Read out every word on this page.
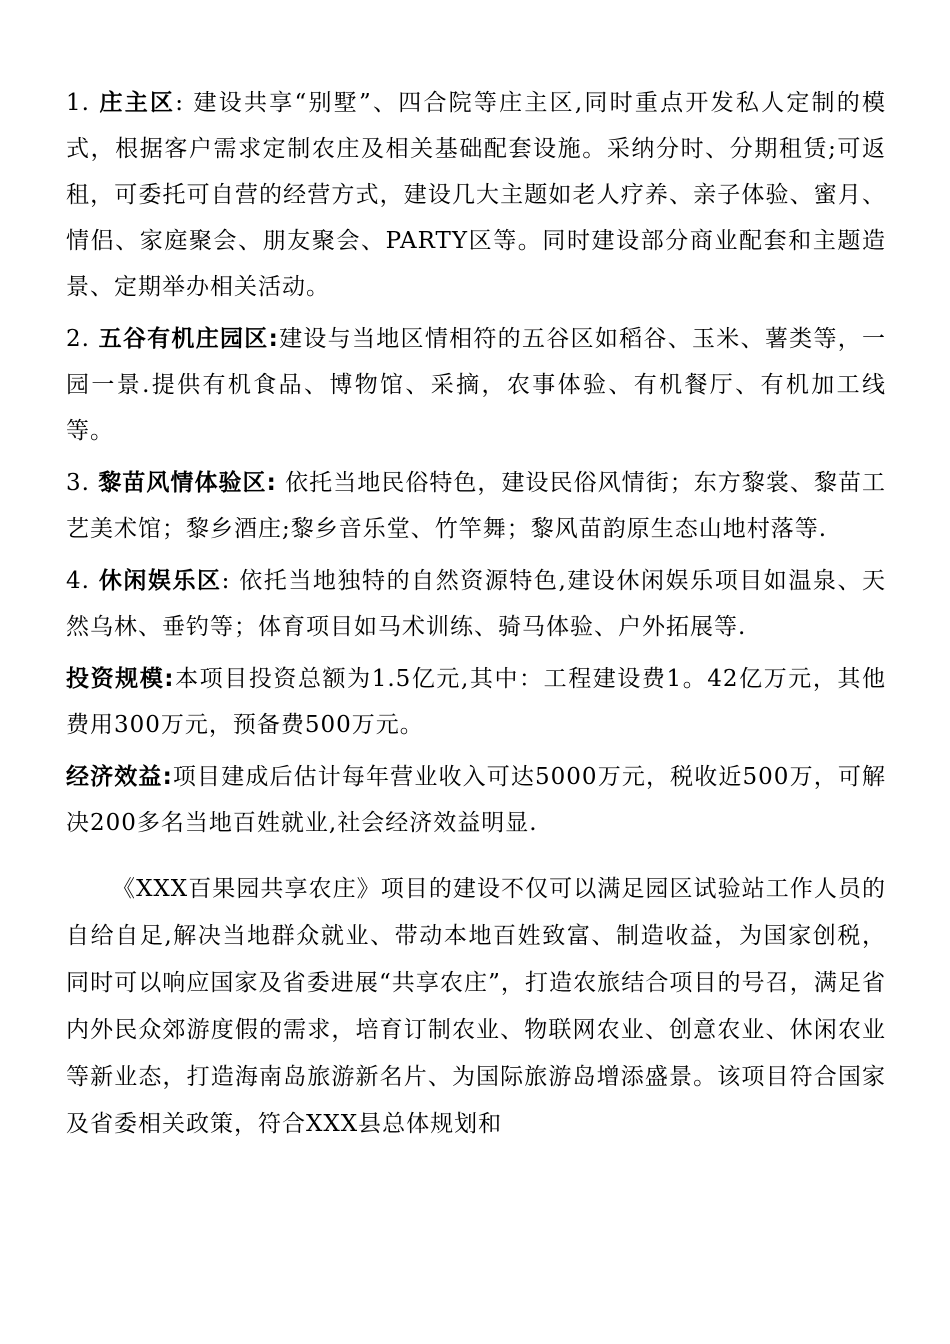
1. 庄主区: 建设共享“别墅”、四合院等庄主区,同时重点开发私人定制的模式，根据客户需求定制农庄及相关基础配套设施。采纳分时、分期租赁;可返租，可委托可自营的经营方式，建设几大主题如老人疗养、亲子体验、蜜月、情侣、家庭聚会、朋友聚会、PARTY区等。同时建设部分商业配套和主题造景、定期举办相关活动。

2. 五谷有机庄园区:建设与当地区情相符的五谷区如稻谷、玉米、薯类等，一园一景.提供有机食品、博物馆、采摘，农事体验、有机餐厅、有机加工线等。

3. 黎苗风情体验区: 依托当地民俗特色，建设民俗风情街；东方黎裳、黎苗工艺美术馆；黎乡酒庄;黎乡音乐堂、竹竿舞；黎风苗韵原生态山地村落等.

4. 休闲娱乐区: 依托当地独特的自然资源特色,建设休闲娱乐项目如温泉、天然乌林、垂钓等；体育项目如马术训练、骑马体验、户外拓展等.

投资规模:本项目投资总额为1.5亿元,其中：工程建设费1。42亿万元，其他费用300万元，预备费500万元。

经济效益:项目建成后估计每年营业收入可达5000万元，税收近500万，可解决200多名当地百姓就业,社会经济效益明显.

《XXX百果园共享农庄》项目的建设不仅可以满足园区试验站工作人员的自给自足,解决当地群众就业、带动本地百姓致富、制造收益，为国家创税，同时可以响应国家及省委进展“共享农庄”，打造农旅结合项目的号召，满足省内外民众郊游度假的需求，培育订制农业、物联网农业、创意农业、休闲农业等新业态，打造海南岛旅游新名片、为国际旅游岛增添盛景。该项目符合国家及省委相关政策，符合XXX县总体规划和
